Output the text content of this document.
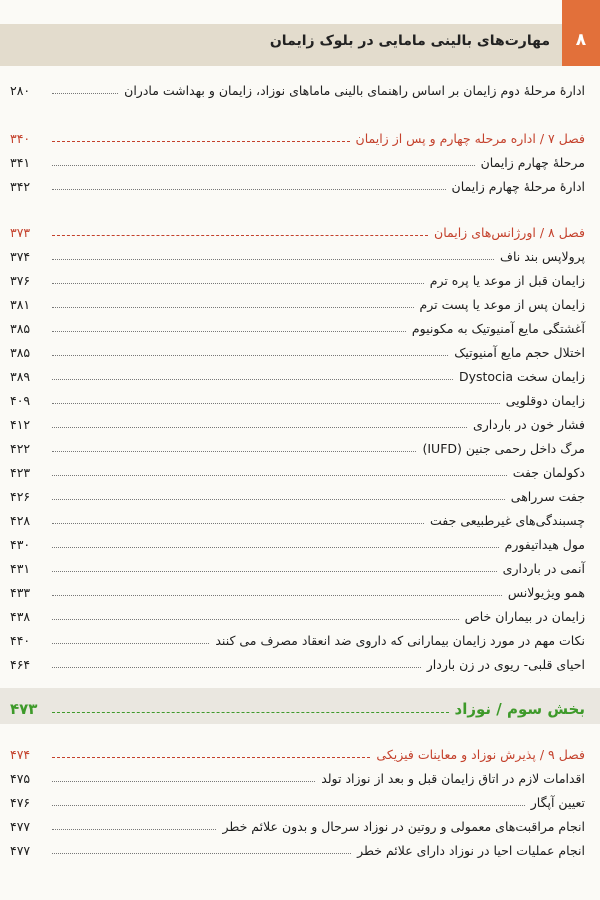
۸
مهارت‌های بالینی مامایی در بلوک زایمان
ادارهٔ مرحلهٔ دوم زایمان بر اساس راهنمای بالینی ماماهای نوزاد، زایمان و بهداشت مادران
۲۸۰
فصل ۷ / اداره مرحله چهارم و پس از زایمان
۳۴۰
مرحلهٔ چهارم زایمان
۳۴۱
ادارهٔ مرحلهٔ چهارم زایمان
۳۴۲
فصل ۸ / اورژانس‌های زایمان
۳۷۳
پرولاپس بند ناف
۳۷۴
زایمان قبل از موعد یا پره ترم
۳۷۶
زایمان پس از موعد یا پست ترم
۳۸۱
آغشتگی مایع آمنیوتیک به مکونیوم
۳۸۵
اختلال حجم مایع آمنیوتیک
۳۸۵
زایمان سخت Dystocia
۳۸۹
زایمان دوقلویی
۴۰۹
فشار خون در بارداری
۴۱۲
مرگ داخل رحمی جنین (IUFD)
۴۲۲
دکولمان جفت
۴۲۳
جفت سرراهی
۴۲۶
چسبندگی‌های غیرطبیعی جفت
۴۲۸
مول هیداتیفورم
۴۳۰
آنمی در بارداری
۴۳۱
همو ویژیولانس
۴۳۳
زایمان در بیماران خاص
۴۳۸
نکات مهم در مورد زایمان بیمارانی که داروی ضد انعقاد مصرف می کنند
۴۴۰
احیای قلبی- ریوی در زن باردار
۴۶۴
بخش سوم / نوزاد
۴۷۳
فصل ۹ / پذیرش نوزاد و معاینات فیزیکی
۴۷۴
اقدامات لازم در اتاق زایمان قبل و بعد از نوزاد تولد
۴۷۵
تعیین آپگار
۴۷۶
انجام مراقبت‌های معمولی و روتین در نوزاد سرحال و بدون علائم خطر
۴۷۷
انجام عملیات احیا در نوزاد دارای علائم خطر
۴۷۷
